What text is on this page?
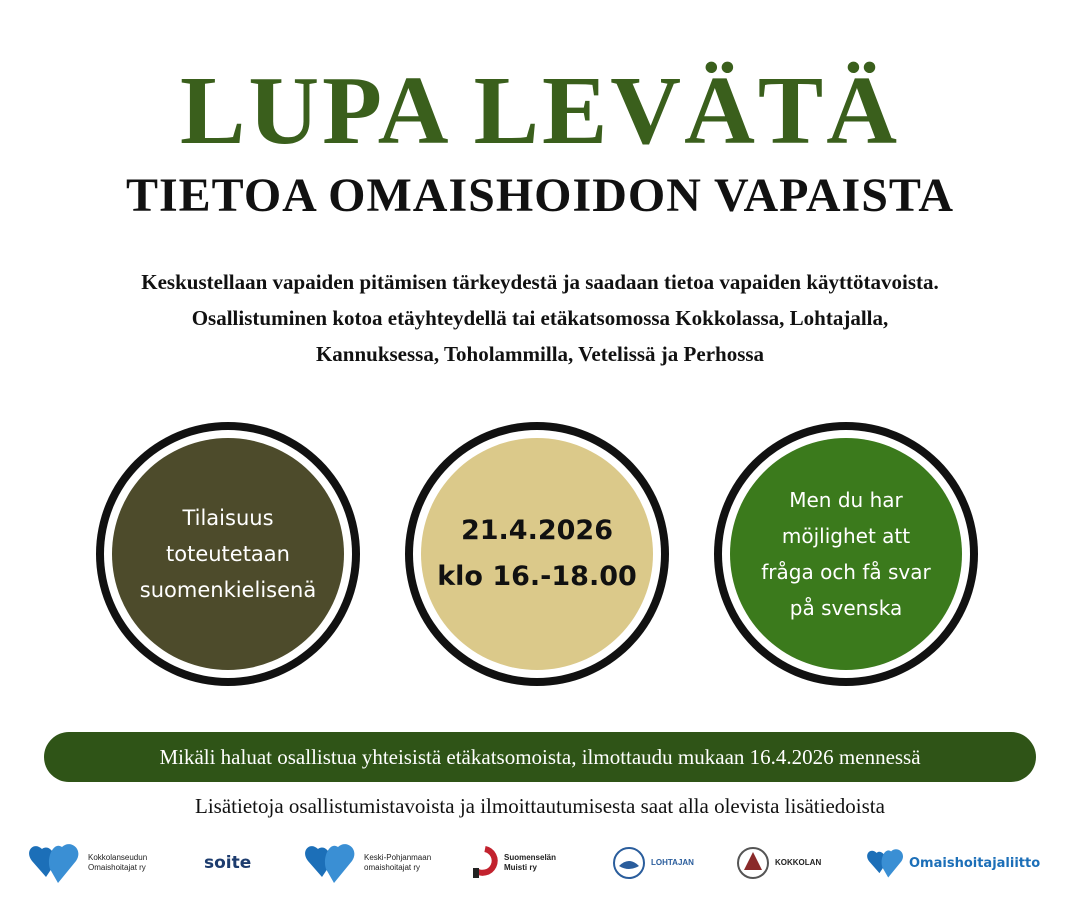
LUPA LEVÄTÄ
TIETOA OMAISHOIDON VAPAISTA
Keskustellaan vapaiden pitämisen tärkeydestä ja saadaan tietoa vapaiden käyttötavoista.
Osallistuminen kotoa etäyhteydellä tai etäkatsomossa Kokkolassa, Lohtajalla,
Kannuksessa, Toholammilla, Vetelissä ja Perhossa
Tilaisuus
toteutetaan
suomenkielisenä
21.4.2026
klo 16.-18.00
Men du har
möjlighet att
fråga och få svar
på svenska
Mikäli haluat osallistua yhteisistä etäkatsomoista, ilmottaudu mukaan 16.4.2026 mennessä
Lisätietoja osallistumistavoista ja ilmoittautumisesta saat alla olevista lisätiedoista
Kokkolanseudun
Omaishoitajat ry	soite	Keski-Pohjanmaan
omaishoitajat ry
Suomenselän
Muisti ry
LOHTAJAN	KOKKOLAN	Omaishoitajaliitto
